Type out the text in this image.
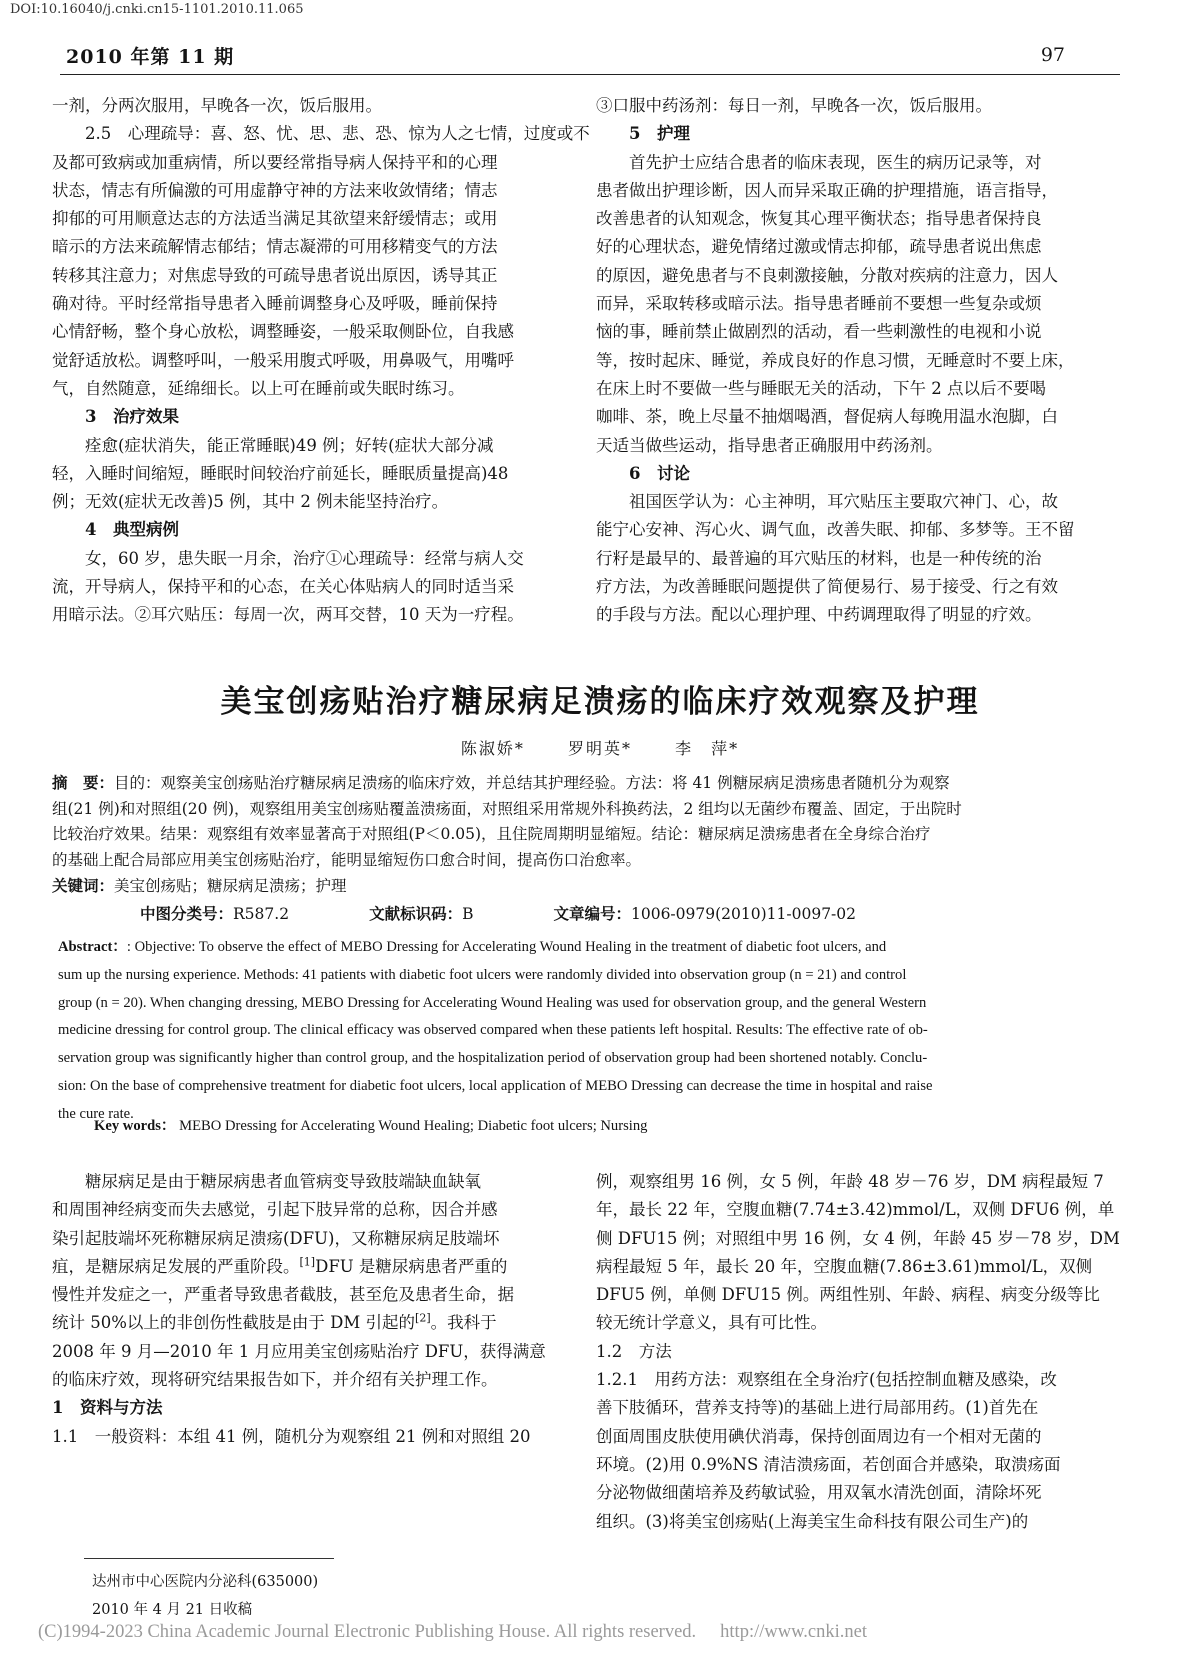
DOI:10.16040/j.cnki.cn15-1101.2010.11.065
2010 年第 11 期	97

一剂，分两次服用，早晚各一次，饭后服用。

2.5　心理疏导：喜、怒、忧、思、悲、恐、惊为人之七情，过度或不

及都可致病或加重病情，所以要经常指导病人保持平和的心理

状态，情志有所偏激的可用虚静守神的方法来收敛情绪；情志

抑郁的可用顺意达志的方法适当满足其欲望来舒缓情志；或用

暗示的方法来疏解情志郁结；情志凝滞的可用移精变气的方法

转移其注意力；对焦虑导致的可疏导患者说出原因，诱导其正

确对待。平时经常指导患者入睡前调整身心及呼吸，睡前保持

心情舒畅，整个身心放松，调整睡姿，一般采取侧卧位，自我感

觉舒适放松。调整呼叫，一般采用腹式呼吸，用鼻吸气，用嘴呼

气，自然随意，延绵细长。以上可在睡前或失眠时练习。

3　治疗效果

痊愈(症状消失，能正常睡眠)49 例；好转(症状大部分减

轻，入睡时间缩短，睡眠时间较治疗前延长，睡眠质量提高)48

例；无效(症状无改善)5 例，其中 2 例未能坚持治疗。

4　典型病例

女，60 岁，患失眠一月余，治疗①心理疏导：经常与病人交

流，开导病人，保持平和的心态，在关心体贴病人的同时适当采

用暗示法。②耳穴贴压：每周一次，两耳交替，10 天为一疗程。

③口服中药汤剂：每日一剂，早晚各一次，饭后服用。

5　护理

首先护士应结合患者的临床表现，医生的病历记录等，对

患者做出护理诊断，因人而异采取正确的护理措施，语言指导，

改善患者的认知观念，恢复其心理平衡状态；指导患者保持良

好的心理状态，避免情绪过激或情志抑郁，疏导患者说出焦虑

的原因，避免患者与不良刺激接触，分散对疾病的注意力，因人

而异，采取转移或暗示法。指导患者睡前不要想一些复杂或烦

恼的事，睡前禁止做剧烈的活动，看一些刺激性的电视和小说

等，按时起床、睡觉，养成良好的作息习惯，无睡意时不要上床，

在床上时不要做一些与睡眠无关的活动，下午 2 点以后不要喝

咖啡、茶，晚上尽量不抽烟喝酒，督促病人每晚用温水泡脚，白

天适当做些运动，指导患者正确服用中药汤剂。

6　讨论

祖国医学认为：心主神明，耳穴贴压主要取穴神门、心，故

能宁心安神、泻心火、调气血，改善失眠、抑郁、多梦等。王不留

行籽是最早的、最普遍的耳穴贴压的材料，也是一种传统的治

疗方法，为改善睡眠问题提供了简便易行、易于接受、行之有效

的手段与方法。配以心理护理、中药调理取得了明显的疗效。

美宝创疡贴治疗糖尿病足溃疡的临床疗效观察及护理
陈淑娇*	罗明英*	李　萍*

摘　要：目的：观察美宝创疡贴治疗糖尿病足溃疡的临床疗效，并总结其护理经验。方法：将 41 例糖尿病足溃疡患者随机分为观察

组(21 例)和对照组(20 例)，观察组用美宝创疡贴覆盖溃疡面，对照组采用常规外科换药法，2 组均以无菌纱布覆盖、固定，于出院时

比较治疗效果。结果：观察组有效率显著高于对照组(P＜0.05)，且住院周期明显缩短。结论：糖尿病足溃疡患者在全身综合治疗

的基础上配合局部应用美宝创疡贴治疗，能明显缩短伤口愈合时间，提高伤口治愈率。

关键词：美宝创疡贴；糖尿病足溃疡；护理

中图分类号：R587.2	文献标识码：B	文章编号：1006-0979(2010)11-0097-02

Abstract：: Objective: To observe the effect of MEBO Dressing for Accelerating Wound Healing in the treatment of diabetic foot ulcers, and

sum up the nursing experience. Methods: 41 patients with diabetic foot ulcers were randomly divided into observation group (n = 21) and control

group (n = 20). When changing dressing, MEBO Dressing for Accelerating Wound Healing was used for observation group, and the general Western

medicine dressing for control group. The clinical efficacy was observed compared when these patients left hospital. Results: The effective rate of ob-

servation group was significantly higher than control group, and the hospitalization period of observation group had been shortened notably. Conclu-

sion: On the base of comprehensive treatment for diabetic foot ulcers, local application of MEBO Dressing can decrease the time in hospital and raise

the cure rate.

Key words： MEBO Dressing for Accelerating Wound Healing; Diabetic foot ulcers; Nursing

糖尿病足是由于糖尿病患者血管病变导致肢端缺血缺氧

和周围神经病变而失去感觉，引起下肢异常的总称，因合并感

染引起肢端坏死称糖尿病足溃疡(DFU)，又称糖尿病足肢端坏

疽，是糖尿病足发展的严重阶段。[1]DFU 是糖尿病患者严重的

慢性并发症之一，严重者导致患者截肢，甚至危及患者生命，据

统计 50%以上的非创伤性截肢是由于 DM 引起的[2]。我科于

2008 年 9 月—2010 年 1 月应用美宝创疡贴治疗 DFU，获得满意

的临床疗效，现将研究结果报告如下，并介绍有关护理工作。

1　资料与方法

1.1　一般资料：本组 41 例，随机分为观察组 21 例和对照组 20

例，观察组男 16 例，女 5 例，年龄 48 岁－76 岁，DM 病程最短 7

年，最长 22 年，空腹血糖(7.74±3.42)mmol/L，双侧 DFU6 例，单

侧 DFU15 例；对照组中男 16 例，女 4 例，年龄 45 岁－78 岁，DM

病程最短 5 年，最长 20 年，空腹血糖(7.86±3.61)mmol/L，双侧

DFU5 例，单侧 DFU15 例。两组性别、年龄、病程、病变分级等比

较无统计学意义，具有可比性。

1.2　方法

1.2.1　用药方法：观察组在全身治疗(包括控制血糖及感染，改

善下肢循环，营养支持等)的基础上进行局部用药。(1)首先在

创面周围皮肤使用碘伏消毒，保持创面周边有一个相对无菌的

环境。(2)用 0.9%NS 清洁溃疡面，若创面合并感染，取溃疡面

分泌物做细菌培养及药敏试验，用双氧水清洗创面，清除坏死

组织。(3)将美宝创疡贴(上海美宝生命科技有限公司生产)的

达州市中心医院内分泌科(635000)

2010 年 4 月 21 日收稿

(C)1994-2023 China Academic Journal Electronic Publishing House. All rights reserved. http://www.cnki.net
